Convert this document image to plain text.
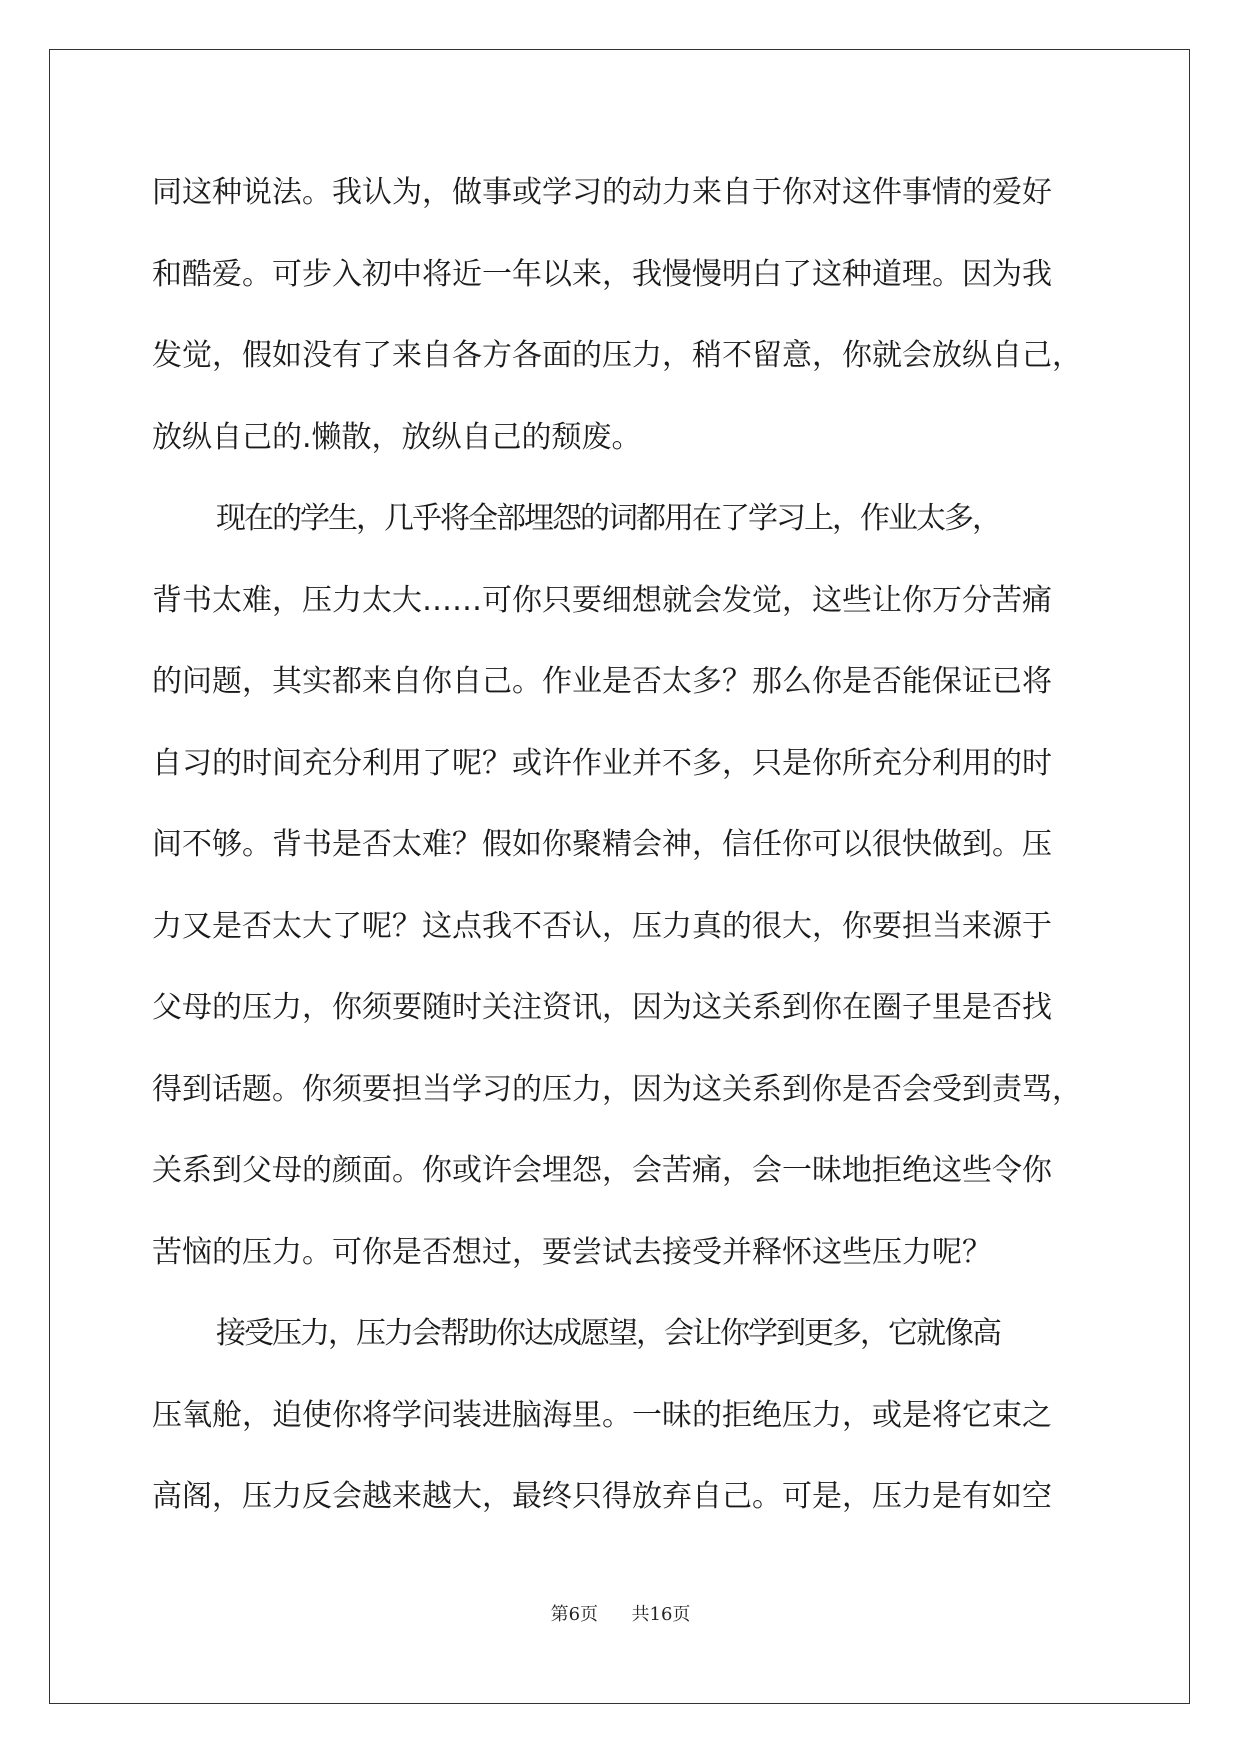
同这种说法。我认为，做事或学习的动力来自于你对这件事情的爱好

和酷爱。可步入初中将近一年以来，我慢慢明白了这种道理。因为我

发觉，假如没有了来自各方各面的压力，稍不留意，你就会放纵自己，

放纵自己的.懒散，放纵自己的颓废。

现在的学生，几乎将全部埋怨的词都用在了学习上，作业太多，

背书太难，压力太大……可你只要细想就会发觉，这些让你万分苦痛

的问题，其实都来自你自己。作业是否太多？那么你是否能保证已将

自习的时间充分利用了呢？或许作业并不多，只是你所充分利用的时

间不够。背书是否太难？假如你聚精会神，信任你可以很快做到。压

力又是否太大了呢？这点我不否认，压力真的很大，你要担当来源于

父母的压力，你须要随时关注资讯，因为这关系到你在圈子里是否找

得到话题。你须要担当学习的压力，因为这关系到你是否会受到责骂，

关系到父母的颜面。你或许会埋怨，会苦痛，会一昧地拒绝这些令你

苦恼的压力。可你是否想过，要尝试去接受并释怀这些压力呢？

接受压力，压力会帮助你达成愿望，会让你学到更多，它就像高

压氧舱，迫使你将学问装进脑海里。一昧的拒绝压力，或是将它束之

高阁，压力反会越来越大，最终只得放弃自己。可是，压力是有如空

第6页 共16页
